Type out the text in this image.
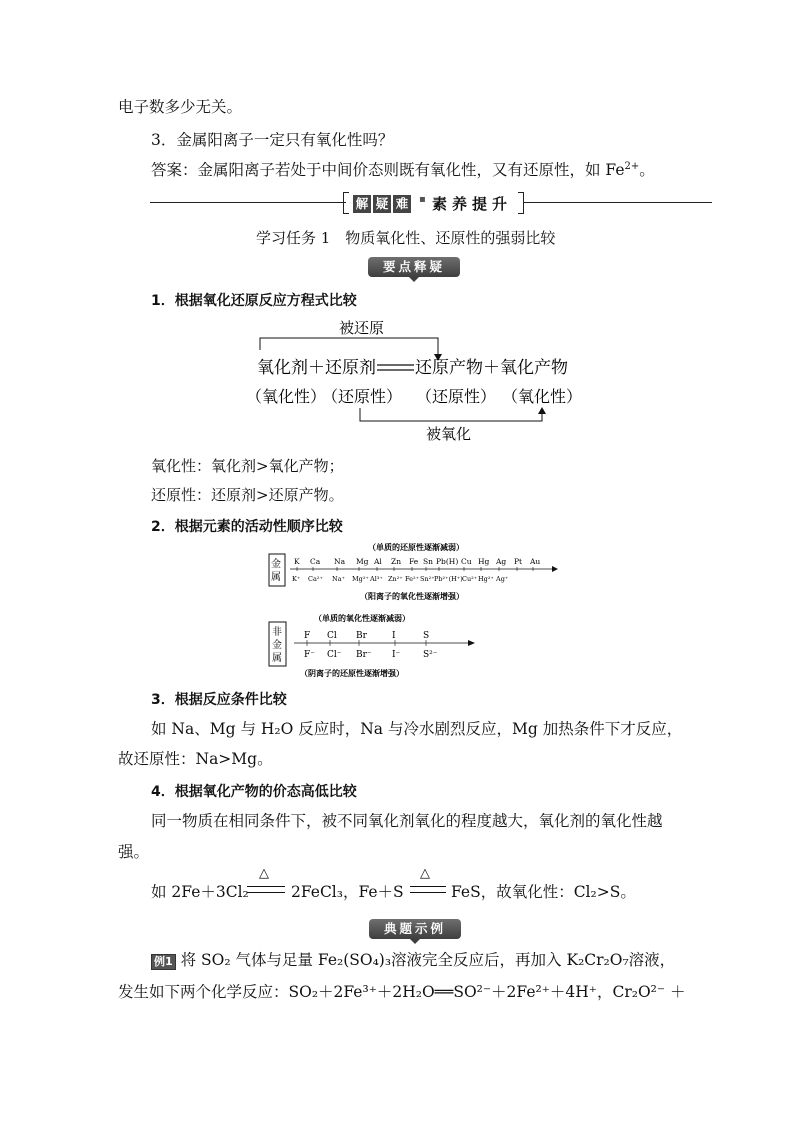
电子数多少无关。
3．金属阳离子一定只有氧化性吗？
答案：金属阳离子若处于中间价态则既有氧化性，又有还原性，如 $Fe^{2+}$。
解 疑 难	▪ 素养提升
学习任务 1　物质氧化性、还原性的强弱比较
要点释疑
1．根据氧化还原反应方程式比较
被还原
氧化剂＋还原剂 还原产物＋氧化产物
（氧化性）
（还原性） （还原性） （氧化性）
被氧化
氧化性：氧化剂>氧化产物；
还原性：还原剂>还原产物。
2．根据元素的活动性顺序比较
金
属
（单质的还原性逐渐减弱）
K Ca Na Mg Al Zn Fe Sn Pb(H) Cu Hg Ag Pt Au
K⁺ Ca²⁺ Na⁺ Mg²⁺ Al³⁺ Zn²⁺ Fe²⁺ Sn²⁺ Pb²⁺(H⁺) Cu²⁺ Hg²⁺ Ag⁺
（阳离子的氧化性逐渐增强）
非
金
属
（单质的氧化性逐渐减弱）
F Cl Br	I	S
F⁻ Cl⁻ Br⁻ I⁻	S²⁻
（阴离子的还原性逐渐增强）
3．根据反应条件比较
如 Na、Mg 与 H₂O 反应时，Na 与冷水剧烈反应，Mg 加热条件下才反应，
故还原性：Na>Mg。
4．根据氧化产物的价态高低比较
同一物质在相同条件下，被不同氧化剂氧化的程度越大，氧化剂的氧化性越
强。
如 2Fe＋3Cl₂
△
2FeCl₃，Fe＋S
△
FeS，故氧化性：Cl₂>S。
典题示例
例1 将 SO₂ 气体与足量 Fe₂(SO₄)₃溶液完全反应后，再加入 K₂Cr₂O₇溶液，
发生如下两个化学反应：SO₂＋2Fe³⁺＋2H₂O══SO²⁻＋2Fe²⁺＋4H⁺，Cr₂O²⁻ ＋
